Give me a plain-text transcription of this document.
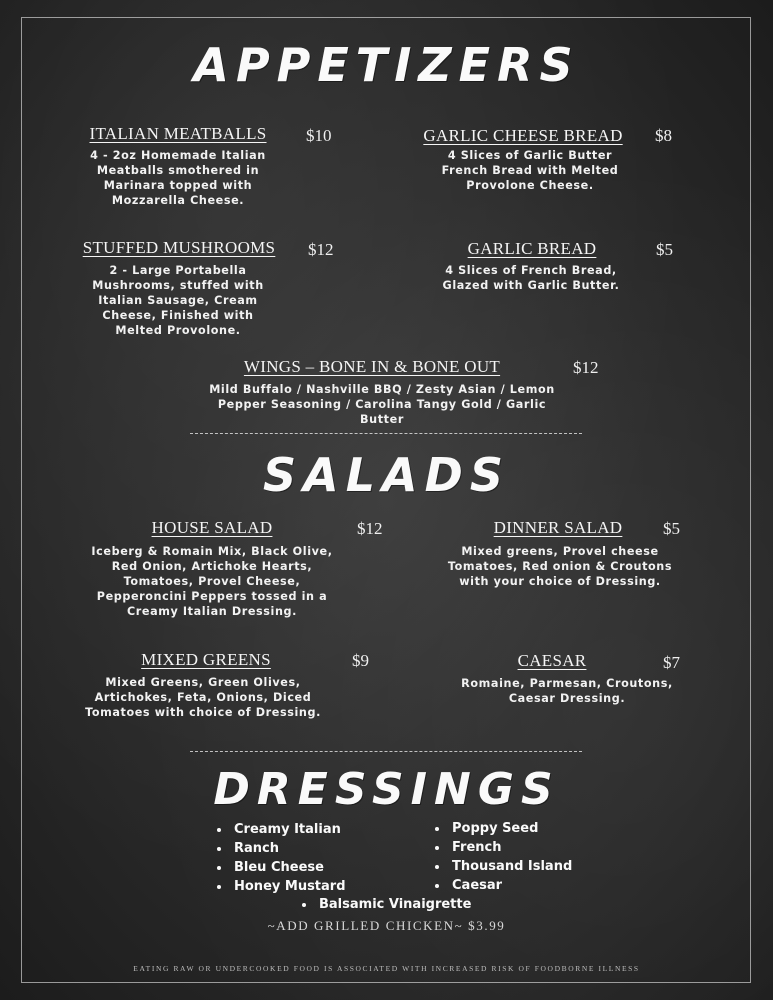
APPETIZERS
ITALIAN MEATBALLS $10
4 - 2oz Homemade Italian Meatballs smothered in Marinara topped with Mozzarella Cheese.
GARLIC CHEESE BREAD $8
4 Slices of Garlic Butter French Bread with Melted Provolone Cheese.
STUFFED MUSHROOMS $12
2 - Large Portabella Mushrooms, stuffed with Italian Sausage, Cream Cheese, Finished with Melted Provolone.
GARLIC BREAD	$5
4 Slices of French Bread, Glazed with Garlic Butter.
WINGS – BONE IN & BONE OUT	$12
Mild Buffalo / Nashville BBQ / Zesty Asian / Lemon Pepper Seasoning / Carolina Tangy Gold / Garlic Butter
SALADS
HOUSE SALAD	$12
Iceberg & Romain Mix, Black Olive, Red Onion, Artichoke Hearts, Tomatoes, Provel Cheese, Pepperoncini Peppers tossed in a Creamy Italian Dressing.
DINNER SALAD $5
Mixed greens, Provel cheese Tomatoes, Red onion & Croutons with your choice of Dressing.
MIXED GREENS	$9
Mixed Greens, Green Olives, Artichokes, Feta, Onions, Diced Tomatoes with choice of Dressing.
CAESAR	$7
Romaine, Parmesan, Croutons, Caesar Dressing.
DRESSINGS
Creamy Italian
Ranch
Bleu Cheese
Honey Mustard
Poppy Seed
French
Thousand Island
Caesar
Balsamic Vinaigrette
~ADD GRILLED CHICKEN~ $3.99
EATING RAW OR UNDERCOOKED FOOD IS ASSOCIATED WITH INCREASED RISK OF FOODBORNE ILLNESS
